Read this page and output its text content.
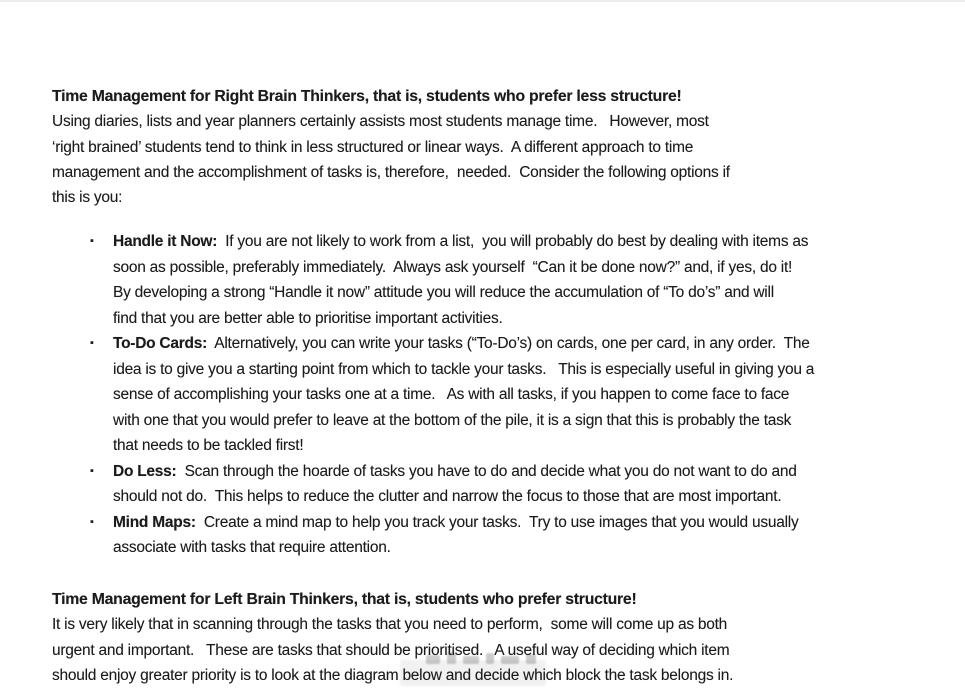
Time Management for Right Brain Thinkers, that is, students who prefer less structure!
Using diaries, lists and year planners certainly assists most students manage time.   However, most
‘right brained’ students tend to think in less structured or linear ways.  A different approach to time
management and the accomplishment of tasks is, therefore,  needed.  Consider the following options if
this is you:
▪ Handle it Now:  If you are not likely to work from a list,  you will probably do best by dealing with items as
soon as possible, preferably immediately.  Always ask yourself  “Can it be done now?” and, if yes, do it!
By developing a strong “Handle it now” attitude you will reduce the accumulation of “To do’s” and will
find that you are better able to prioritise important activities.
▪ To-Do Cards:  Alternatively, you can write your tasks (“To-Do’s) on cards, one per card, in any order.  The
idea is to give you a starting point from which to tackle your tasks.   This is especially useful in giving you a
sense of accomplishing your tasks one at a time.   As with all tasks, if you happen to come face to face
with one that you would prefer to leave at the bottom of the pile, it is a sign that this is probably the task
that needs to be tackled first!
▪ Do Less:  Scan through the hoarde of tasks you have to do and decide what you do not want to do and
should not do.  This helps to reduce the clutter and narrow the focus to those that are most important.
▪ Mind Maps:  Create a mind map to help you track your tasks.  Try to use images that you would usually
associate with tasks that require attention.
Time Management for Left Brain Thinkers, that is, students who prefer structure!
It is very likely that in scanning through the tasks that you need to perform,  some will come up as both
urgent and important.   These are tasks that should be prioritised.   A useful way of deciding which item
should enjoy greater priority is to look at the diagram below and decide which block the task belongs in.
